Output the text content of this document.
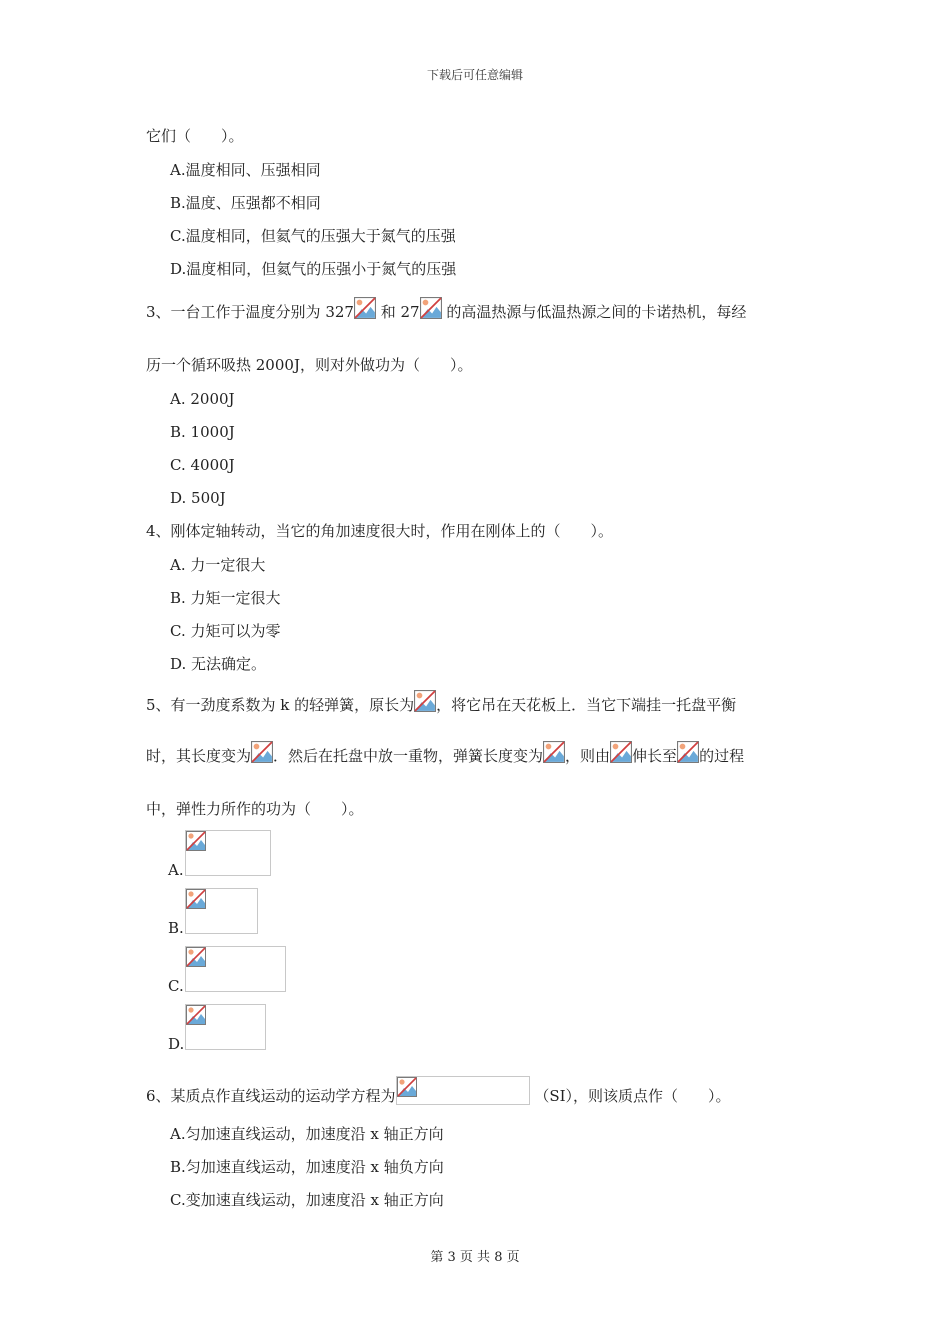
下载后可任意编辑
它们（　　）。
A.温度相同、压强相同
B.温度、压强都不相同
C.温度相同，但氦气的压强大于氮气的压强
D.温度相同，但氦气的压强小于氮气的压强
3、一台工作于温度分别为 327 和 27 的高温热源与低温热源之间的卡诺热机，每经
历一个循环吸热 2000J，则对外做功为（　　）。
A. 2000J
B. 1000J
C. 4000J
D. 500J
4、刚体定轴转动，当它的角加速度很大时，作用在刚体上的（　　）。
A. 力一定很大
B. 力矩一定很大
C. 力矩可以为零
D. 无法确定。
5、有一劲度系数为 k 的轻弹簧，原长为 ，将它吊在天花板上．当它下端挂一托盘平衡
时，其长度变为 ．然后在托盘中放一重物，弹簧长度变为 ，则由 伸长至 的过程
中，弹性力所作的功为（　　）。
A.
B.
C.
D.
6、某质点作直线运动的运动学方程为	（SI），则该质点作（　　）。
A.匀加速直线运动，加速度沿 x 轴正方向
B.匀加速直线运动，加速度沿 x 轴负方向
C.变加速直线运动，加速度沿 x 轴正方向
第 3 页 共 8 页
